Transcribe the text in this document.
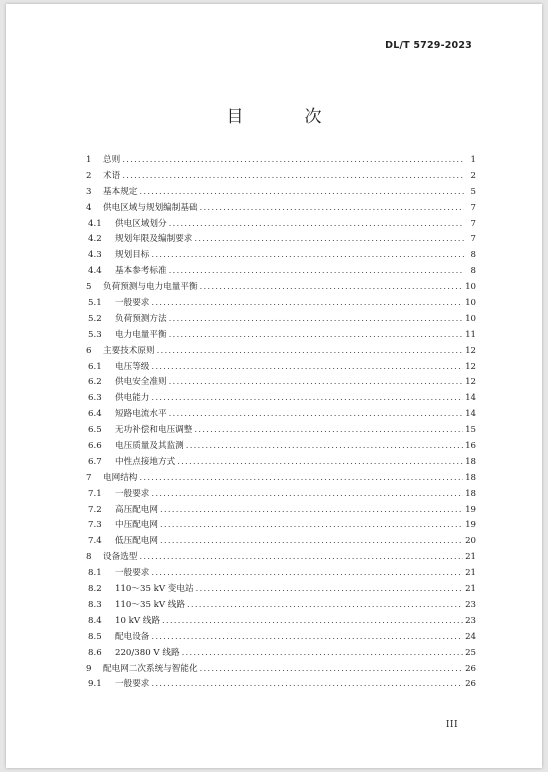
DL/T 5729-2023
目　次
1	总则 .....	1
2	术语 .....	2
3	基本规定 .....	5
4	供电区域与规划编制基础 .....	7
4.1	供电区域划分 .....	7
4.2	规划年限及编制要求 .....	7
4.3	规划目标 .....	8
4.4	基本参考标准 .....	8
5	负荷预测与电力电量平衡 .....	10
5.1	一般要求 .....	10
5.2	负荷预测方法 .....	10
5.3	电力电量平衡 .....	11
6	主要技术原则 .....	12
6.1	电压等级 .....	12
6.2	供电安全准则 .....	12
6.3	供电能力 .....	14
6.4	短路电流水平 .....	14
6.5	无功补偿和电压调整 .....	15
6.6	电压质量及其监测 .....	16
6.7	中性点接地方式 .....	18
7	电网结构 .....	18
7.1	一般要求 .....	18
7.2	高压配电网 .....	19
7.3	中压配电网 .....	19
7.4	低压配电网 .....	20
8	设备选型 .....	21
8.1	一般要求 .....	21
8.2	110～35 kV 变电站 .....	21
8.3	110～35 kV 线路 .....	23
8.4	10 kV 线路 .....	23
8.5	配电设备 .....	24
8.6	220/380 V 线路 .....	25
9	配电网二次系统与智能化 .....	26
9.1	一般要求 .....	26
III
